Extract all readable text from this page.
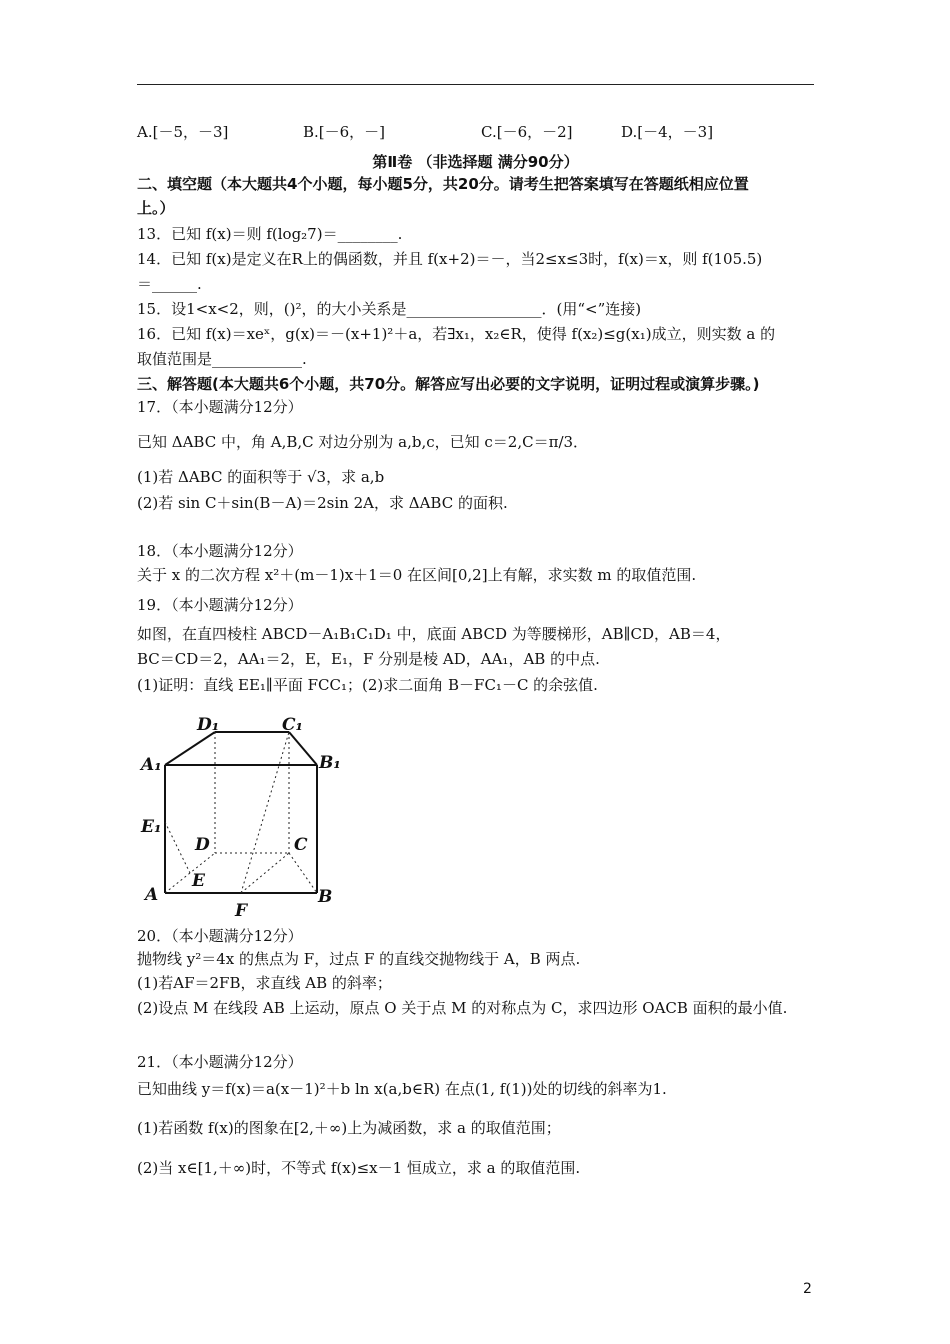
A.[－5，－3]	B.[－6，－]	C.[－6，－2]	D.[－4，－3]
第Ⅱ卷 （非选择题 满分90分）
二、填空题（本大题共4个小题，每小题5分，共20分。请考生把答案填写在答题纸相应位置
上。）
13．已知 f(x)＝则 f(log₂7)＝________.
14．已知 f(x)是定义在R上的偶函数，并且 f(x+2)＝－，当2≤x≤3时，f(x)＝x，则 f(105.5)
＝______.
15．设1<x<2，则，()²，的大小关系是__________________．(用“<”连接)
16．已知 f(x)＝xeˣ，g(x)＝－(x+1)²＋a，若∃x₁，x₂∈R，使得 f(x₂)≤g(x₁)成立，则实数 a 的
取值范围是____________.
三、解答题(本大题共6个小题，共70分。解答应写出必要的文字说明，证明过程或演算步骤。)
17．（本小题满分12分）
已知 ΔABC 中，角 A,B,C 对边分别为 a,b,c，已知 c＝2,C＝π/3．
(1)若 ΔABC 的面积等于 √3，求 a,b
(2)若 sin C＋sin(B－A)＝2sin 2A，求 ΔABC 的面积.
18．（本小题满分12分）
关于 x 的二次方程 x²＋(m－1)x＋1＝0 在区间[0,2]上有解，求实数 m 的取值范围.
19．（本小题满分12分）
如图，在直四棱柱 ABCD－A₁B₁C₁D₁ 中，底面 ABCD 为等腰梯形，AB∥CD，AB＝4，
BC＝CD＝2，AA₁＝2，E，E₁，F 分别是棱 AD，AA₁，AB 的中点.
(1)证明：直线 EE₁∥平面 FCC₁；(2)求二面角 B－FC₁－C 的余弦值.
D₁	C₁
A₁	B₁
E₁
D	C
E
A	B
F
20．（本小题满分12分）
抛物线 y²＝4x 的焦点为 F，过点 F 的直线交抛物线于 A，B 两点.
(1)若AF＝2FB，求直线 AB 的斜率；
(2)设点 M 在线段 AB 上运动，原点 O 关于点 M 的对称点为 C，求四边形 OACB 面积的最小值.
21．（本小题满分12分）
已知曲线 y＝f(x)＝a(x－1)²＋b ln x(a,b∈R) 在点(1, f(1))处的切线的斜率为1.
(1)若函数 f(x)的图象在[2,＋∞)上为减函数，求 a 的取值范围；
(2)当 x∈[1,＋∞)时，不等式 f(x)≤x－1 恒成立，求 a 的取值范围.
2
